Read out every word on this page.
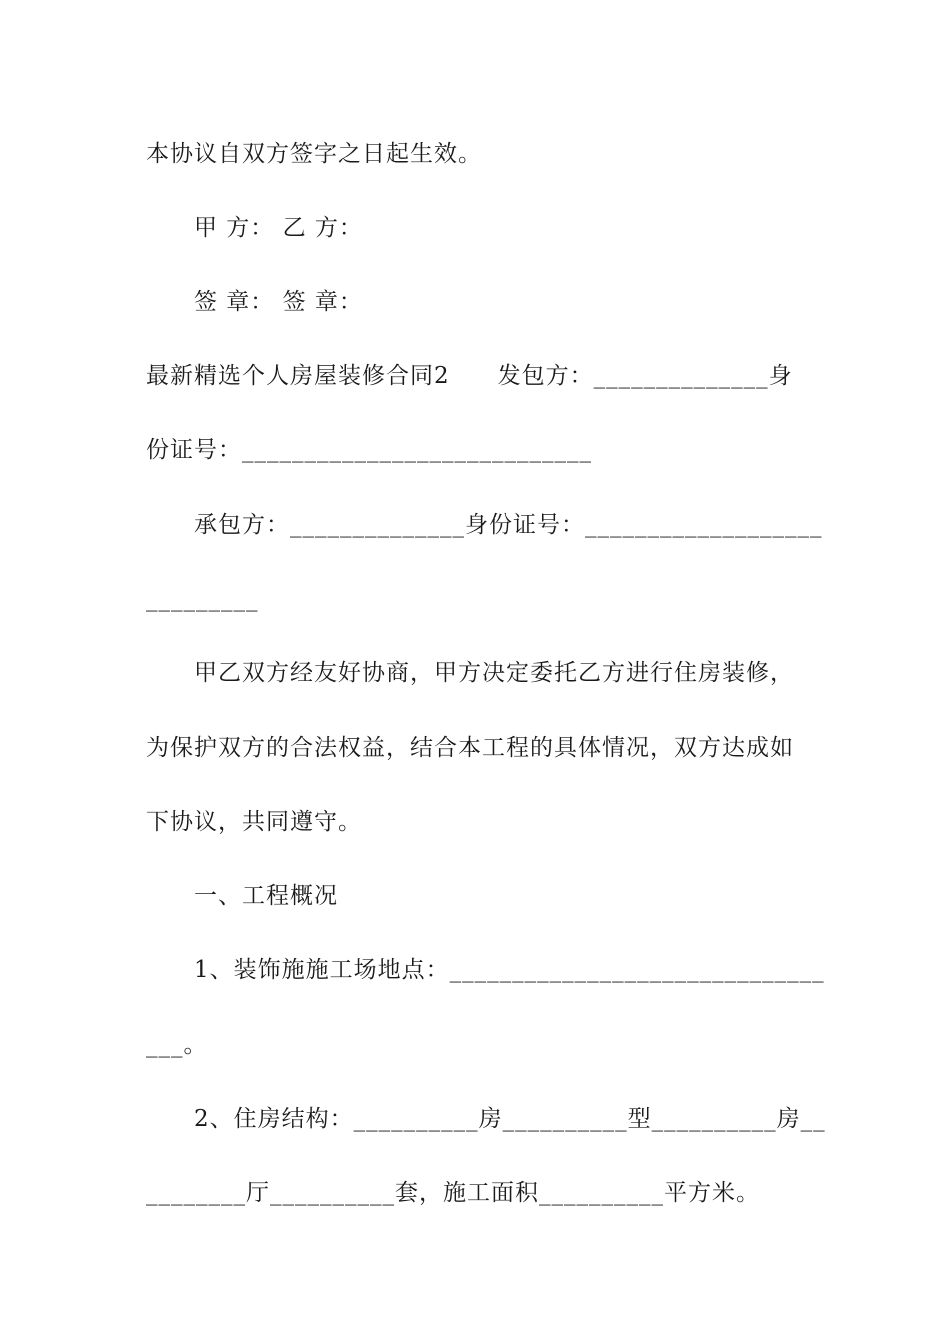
本协议自双方签字之日起生效。
甲 方： 乙 方：
签 章： 签 章：
最新精选个人房屋装修合同2　　发包方：______________身
份证号：____________________________
承包方：______________身份证号：___________________
_________
甲乙双方经友好协商，甲方决定委托乙方进行住房装修，
为保护双方的合法权益，结合本工程的具体情况，双方达成如
下协议，共同遵守。
一、工程概况
1、装饰施施工场地点：______________________________
___。
2、住房结构：__________房__________型__________房__
________厅__________套，施工面积__________平方米。
